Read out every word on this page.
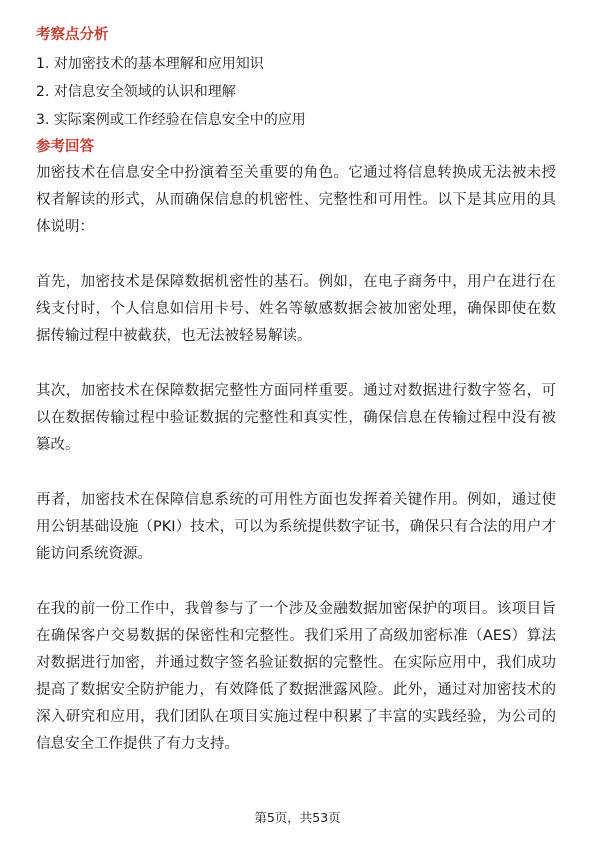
考察点分析
1. 对加密技术的基本理解和应用知识
2. 对信息安全领域的认识和理解
3. 实际案例或工作经验在信息安全中的应用
参考回答

加密技术在信息安全中扮演着至关重要的角色。它通过将信息转换成无法被未授权者解读的形式，从而确保信息的机密性、完整性和可用性。以下是其应用的具体说明：

首先，加密技术是保障数据机密性的基石。例如，在电子商务中，用户在进行在线支付时，个人信息如信用卡号、姓名等敏感数据会被加密处理，确保即使在数据传输过程中被截获，也无法被轻易解读。

其次，加密技术在保障数据完整性方面同样重要。通过对数据进行数字签名，可以在数据传输过程中验证数据的完整性和真实性，确保信息在传输过程中没有被篡改。

再者，加密技术在保障信息系统的可用性方面也发挥着关键作用。例如，通过使用公钥基础设施（PKI）技术，可以为系统提供数字证书，确保只有合法的用户才能访问系统资源。

在我的前一份工作中，我曾参与了一个涉及金融数据加密保护的项目。该项目旨在确保客户交易数据的保密性和完整性。我们采用了高级加密标准（AES）算法对数据进行加密，并通过数字签名验证数据的完整性。在实际应用中，我们成功提高了数据安全防护能力，有效降低了数据泄露风险。此外，通过对加密技术的深入研究和应用，我们团队在项目实施过程中积累了丰富的实践经验，为公司的信息安全工作提供了有力支持。

第5页，共53页
